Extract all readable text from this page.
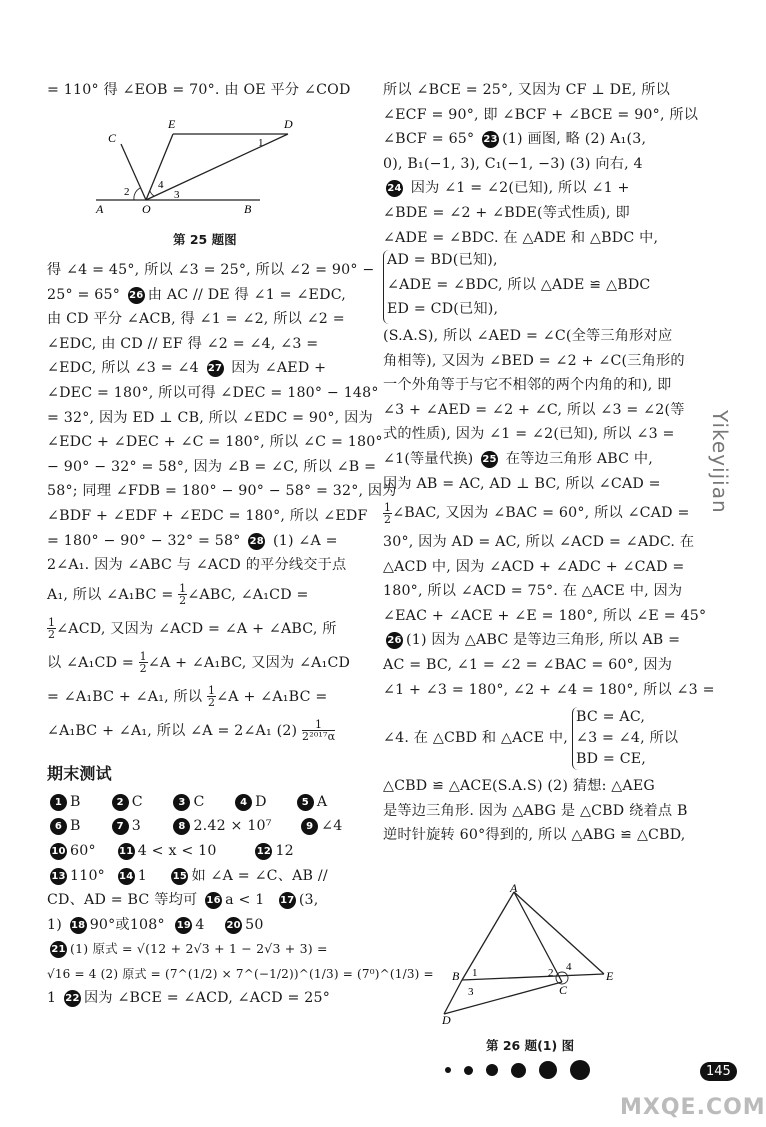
= 110° 得 ∠EOB = 70°. 由 OE 平分 ∠COD
C
E	D
A	O	B
1
2	3
4
第 25 题图
得 ∠4 = 45°, 所以 ∠3 = 25°, 所以 ∠2 = 90° −
25° = 65° 26 由 AC // DE 得 ∠1 = ∠EDC,
由 CD 平分 ∠ACB, 得 ∠1 = ∠2, 所以 ∠2 =
∠EDC, 由 CD // EF 得 ∠2 = ∠4, ∠3 =
∠EDC, 所以 ∠3 = ∠4 27 因为 ∠AED +
∠DEC = 180°, 所以可得 ∠DEC = 180° − 148°
= 32°, 因为 ED ⊥ CB, 所以 ∠EDC = 90°, 因为
∠EDC + ∠DEC + ∠C = 180°, 所以 ∠C = 180°
− 90° − 32° = 58°, 因为 ∠B = ∠C, 所以 ∠B =
58°; 同理 ∠FDB = 180° − 90° − 58° = 32°, 因为
∠BDF + ∠EDF + ∠EDC = 180°, 所以 ∠EDF
= 180° − 90° − 32° = 58° 28 (1) ∠A =
2∠A₁. 因为 ∠ABC 与 ∠ACD 的平分线交于点
A₁, 所以 ∠A₁BC = $\frac{1}{2}$ ∠ABC, ∠A₁CD =
$\frac{1}{2}$ ∠ACD, 又因为 ∠ACD = ∠A + ∠ABC, 所
以 ∠A₁CD = $\frac{1}{2}$ ∠A + ∠A₁BC, 又因为 ∠A₁CD
= ∠A₁BC + ∠A₁, 所以 $\frac{1}{2}$ ∠A + ∠A₁BC =
∠A₁BC + ∠A₁, 所以 ∠A = 2∠A₁ $(2) \frac{1}{\text{2²⁰¹⁷α}}$
期末测试
1 B	2 C	3 C	4 D	5 A
6 B	7 3	8 2.42 × 10⁷	9 ∠4
10 60° 11 4 < x < 10	12 12
13 110° 14 1	15 如 ∠A = ∠C、AB //
CD、AD = BC 等均可 16 a < 1 17 (3,
1) 18 90°或108° 19 4 20 50
21 (1) 原式 = √(12 + 2√3 + 1 − 2√3 + 3) =
√16 = 4 (2) 原式 = (7^(1/2) × 7^(−1/2))^(1/3) = (7⁰)^(1/3) =
1 22 因为 ∠BCE = ∠ACD, ∠ACD = 25°
所以 ∠BCE = 25°, 又因为 CF ⊥ DE, 所以
∠ECF = 90°, 即 ∠BCF + ∠BCE = 90°, 所以
∠BCF = 65° 23 (1) 画图, 略 (2) A₁(3,
0), B₁(−1, 3), C₁(−1, −3) (3) 向右, 4
24 因为 ∠1 = ∠2(已知), 所以 ∠1 +
∠BDE = ∠2 + ∠BDE(等式性质), 即
∠ADE = ∠BDC. 在 △ADE 和 △BDC 中,
AD = BD(已知),
∠ADE = ∠BDC, 所以 △ADE ≌ △BDC
ED = CD(已知),
(S.A.S), 所以 ∠AED = ∠C(全等三角形对应
角相等), 又因为 ∠BED = ∠2 + ∠C(三角形的
一个外角等于与它不相邻的两个内角的和), 即
∠3 + ∠AED = ∠2 + ∠C, 所以 ∠3 = ∠2(等
式的性质), 因为 ∠1 = ∠2(已知), 所以 ∠3 =
∠1(等量代换) 25 在等边三角形 ABC 中,
因为 AB = AC, AD ⊥ BC, 所以 ∠CAD =
$\frac{1}{2}$ ∠BAC, 又因为 ∠BAC = 60°, 所以 ∠CAD =
30°, 因为 AD = AC, 所以 ∠ACD = ∠ADC. 在
△ACD 中, 因为 ∠ACD + ∠ADC + ∠CAD =
180°, 所以 ∠ACD = 75°. 在 △ACE 中, 因为
∠EAC + ∠ACE + ∠E = 180°, 所以 ∠E = 45°
26 (1) 因为 △ABC 是等边三角形, 所以 AB =
AC = BC, ∠1 = ∠2 = ∠BAC = 60°, 因为
∠1 + ∠3 = 180°, ∠2 + ∠4 = 180°, 所以 ∠3 =
∠4. 在 △CBD 和 △ACE 中,
BC = AC,
∠3 = ∠4, 所以
BD = CE,
△CBD ≌ △ACE(S.A.S) (2) 猜想: △AEG
是等边三角形. 因为 △ABG 是 △CBD 绕着点 B
逆时针旋转 60°得到的, 所以 △ABG ≌ △CBD,
A
B
C
D
E
1	2
3
4
第 26 题(1) 图
Yikeyijian
145
MXQE.COM
